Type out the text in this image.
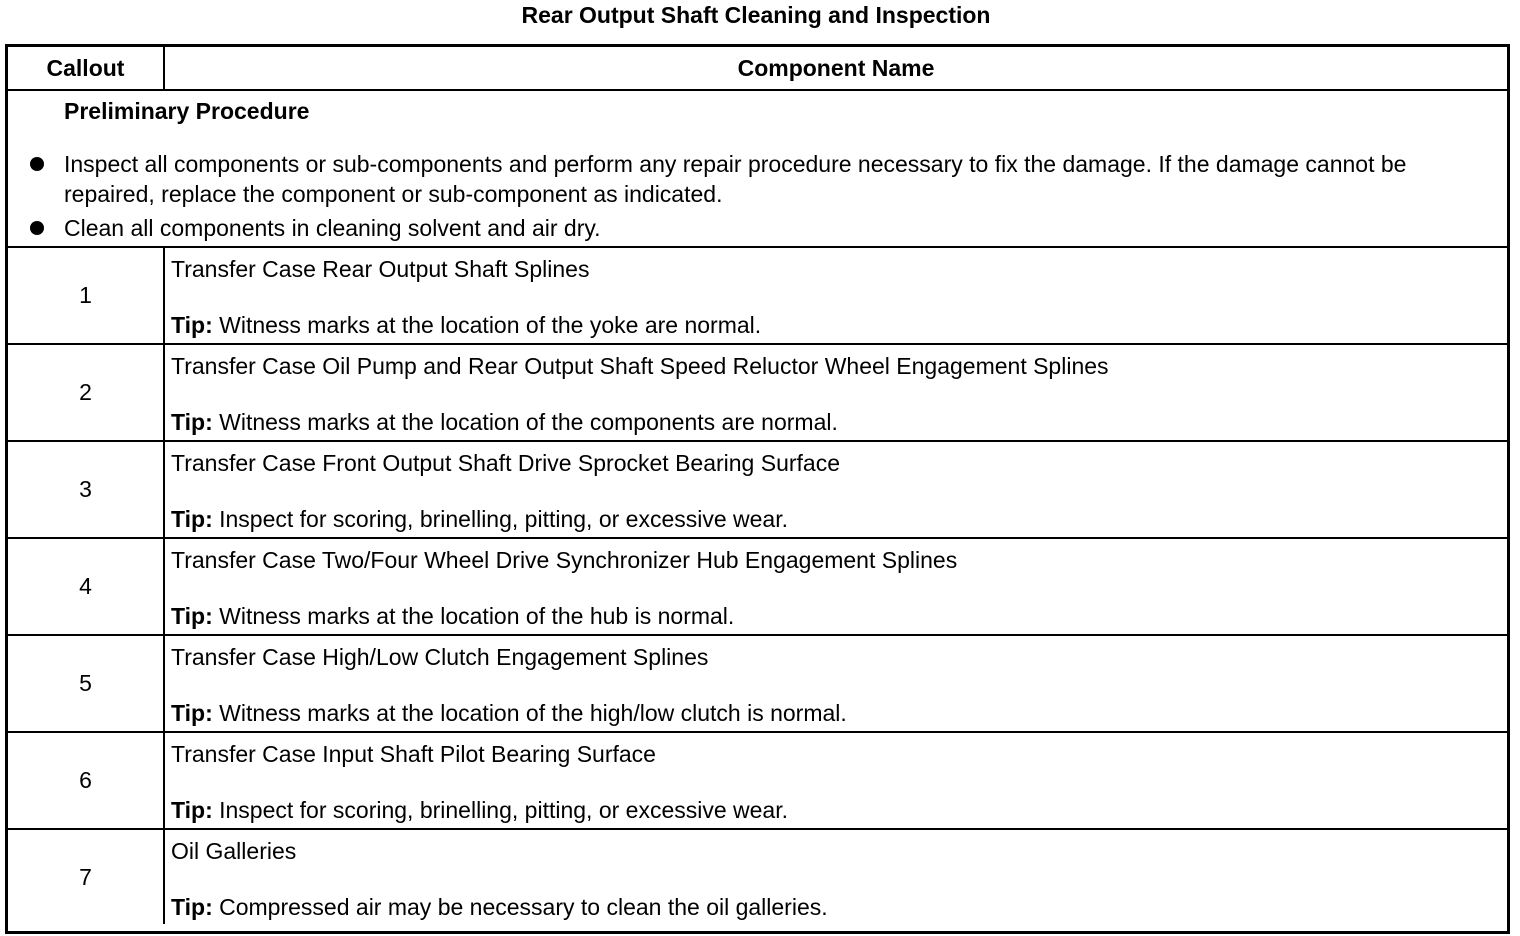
Rear Output Shaft Cleaning and Inspection
Callout	Component Name
Preliminary Procedure
Inspect all components or sub-components and perform any repair procedure necessary to fix the damage. If the damage cannot be repaired, replace the component or sub-component as indicated.
Clean all components in cleaning solvent and air dry.
1
Transfer Case Rear Output Shaft Splines
Tip: Witness marks at the location of the yoke are normal.
2
Transfer Case Oil Pump and Rear Output Shaft Speed Reluctor Wheel Engagement Splines
Tip: Witness marks at the location of the components are normal.
3
Transfer Case Front Output Shaft Drive Sprocket Bearing Surface
Tip: Inspect for scoring, brinelling, pitting, or excessive wear.
4
Transfer Case Two/Four Wheel Drive Synchronizer Hub Engagement Splines
Tip: Witness marks at the location of the hub is normal.
5
Transfer Case High/Low Clutch Engagement Splines
Tip: Witness marks at the location of the high/low clutch is normal.
6
Transfer Case Input Shaft Pilot Bearing Surface
Tip: Inspect for scoring, brinelling, pitting, or excessive wear.
7
Oil Galleries
Tip: Compressed air may be necessary to clean the oil galleries.
